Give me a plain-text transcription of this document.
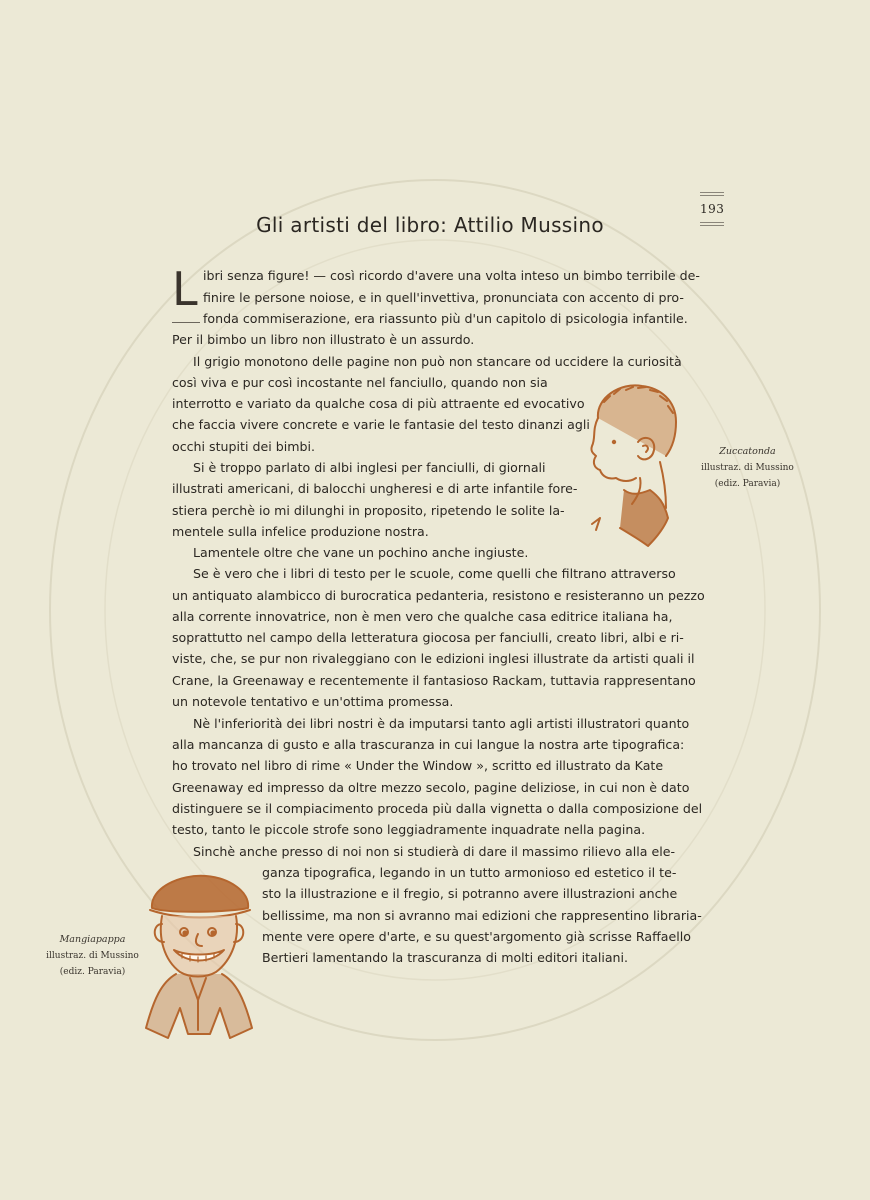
193
Gli artisti del libro: Attilio Mussino
L ibri senza figure! — così ricordo d'avere una volta inteso un bimbo terribile de-
finire le persone noiose, e in quell'invettiva, pronunciata con accento di pro-
fonda commiserazione, era riassunto più d'un capitolo di psicologia infantile.
Per il bimbo un libro non illustrato è un assurdo.
Il grigio monotono delle pagine non può non stancare od uccidere la curiosità
così viva e pur così incostante nel fanciullo, quando non sia
interrotto e variato da qualche cosa di più attraente ed evocativo
che faccia vivere concrete e varie le fantasie del testo dinanzi agli
occhi stupiti dei bimbi.
Si è troppo parlato di albi inglesi per fanciulli, di giornali
illustrati americani, di balocchi ungheresi e di arte infantile fore-
stiera perchè io mi dilunghi in proposito, ripetendo le solite la-
mentele sulla infelice produzione nostra.
Lamentele oltre che vane un pochino anche ingiuste.
Se è vero che i libri di testo per le scuole, come quelli che filtrano attraverso
un antiquato alambicco di burocratica pedanteria, resistono e resisteranno un pezzo
alla corrente innovatrice, non è men vero che qualche casa editrice italiana ha,
soprattutto nel campo della letteratura giocosa per fanciulli, creato libri, albi e ri-
viste, che, se pur non rivaleggiano con le edizioni inglesi illustrate da artisti quali il
Crane, la Greenaway e recentemente il fantasioso Rackam, tuttavia rappresentano
un notevole tentativo e un'ottima promessa.
Nè l'inferiorità dei libri nostri è da imputarsi tanto agli artisti illustratori quanto
alla mancanza di gusto e alla trascuranza in cui langue la nostra arte tipografica:
ho trovato nel libro di rime « Under the Window », scritto ed illustrato da Kate
Greenaway ed impresso da oltre mezzo secolo, pagine deliziose, in cui non è dato
distinguere se il compiacimento proceda più dalla vignetta o dalla composizione del
testo, tanto le piccole strofe sono leggiadramente inquadrate nella pagina.
Sinchè anche presso di noi non si studierà di dare il massimo rilievo alla ele-
ganza tipografica, legando in un tutto armonioso ed estetico il te-
sto la illustrazione e il fregio, si potranno avere illustrazioni anche
bellissime, ma non si avranno mai edizioni che rappresentino libraria-
mente vere opere d'arte, e su quest'argomento già scrisse Raffaello
Bertieri lamentando la trascuranza di molti editori italiani.
Zuccatonda
illustraz. di Mussino
(ediz. Paravia)
Mangiapappa
illustraz. di Mussino
(ediz. Paravia)
